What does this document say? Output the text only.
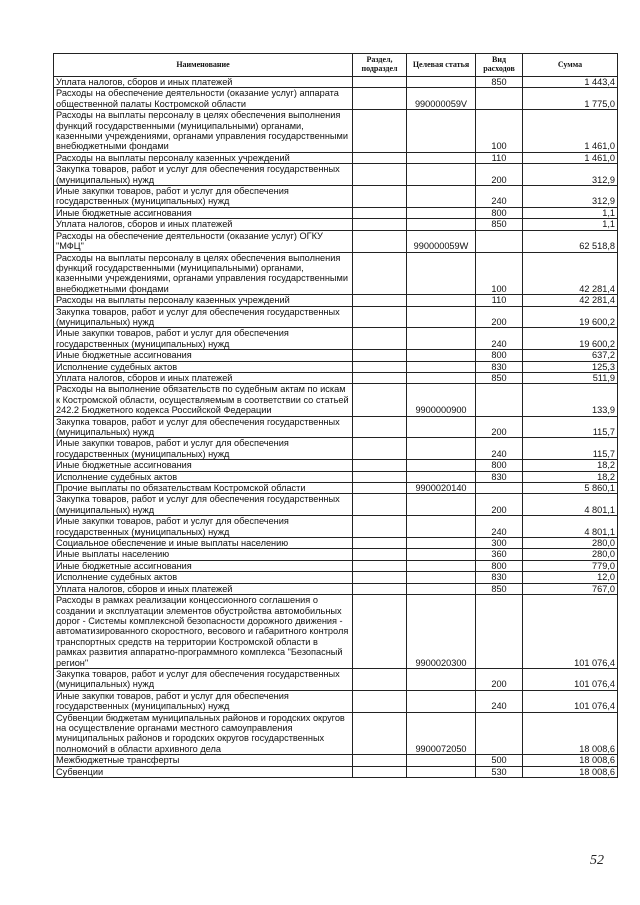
Наименование	Раздел, подраздел	Целевая статья	Вид расходов	Сумма
Уплата налогов, сборов и иных платежей			850	1 443,4
Расходы на обеспечение деятельности (оказание услуг) аппарата общественной палаты Костромской области		990000059V		1 775,0
Расходы на выплаты персоналу в целях обеспечения выполнения функций государственными (муниципальными) органами, казенными учреждениями, органами управления государственными внебюджетными фондами			100	1 461,0
Расходы на выплаты персоналу казенных учреждений			110	1 461,0
Закупка товаров, работ и услуг для обеспечения государственных (муниципальных) нужд			200	312,9
Иные закупки товаров, работ и услуг для обеспечения государственных (муниципальных) нужд			240	312,9
Иные бюджетные ассигнования			800	1,1
Уплата налогов, сборов и иных платежей			850	1,1
Расходы на обеспечение деятельности (оказание услуг) ОГКУ "МФЦ"		990000059W		62 518,8
Расходы на выплаты персоналу в целях обеспечения выполнения функций государственными (муниципальными) органами, казенными учреждениями, органами управления государственными внебюджетными фондами			100	42 281,4
Расходы на выплаты персоналу казенных учреждений			110	42 281,4
Закупка товаров, работ и услуг для обеспечения государственных (муниципальных) нужд			200	19 600,2
Иные закупки товаров, работ и услуг для обеспечения государственных (муниципальных) нужд			240	19 600,2
Иные бюджетные ассигнования			800	637,2
Исполнение судебных актов			830	125,3
Уплата налогов, сборов и иных платежей			850	511,9
Расходы на выполнение обязательств по судебным актам по искам к Костромской области, осуществляемым в соответствии со статьей 242.2 Бюджетного кодекса Российской Федерации		9900000900		133,9
Закупка товаров, работ и услуг для обеспечения государственных (муниципальных) нужд			200	115,7
Иные закупки товаров, работ и услуг для обеспечения государственных (муниципальных) нужд			240	115,7
Иные бюджетные ассигнования			800	18,2
Исполнение судебных актов			830	18,2
Прочие выплаты по обязательствам Костромской области		9900020140		5 860,1
Закупка товаров, работ и услуг для обеспечения государственных (муниципальных) нужд			200	4 801,1
Иные закупки товаров, работ и услуг для обеспечения государственных (муниципальных) нужд			240	4 801,1
Социальное обеспечение и иные выплаты населению			300	280,0
Иные выплаты населению			360	280,0
Иные бюджетные ассигнования			800	779,0
Исполнение судебных актов			830	12,0
Уплата налогов, сборов и иных платежей			850	767,0
Расходы в рамках реализации концессионного соглашения о создании и эксплуатации элементов обустройства автомобильных дорог - Системы комплексной безопасности дорожного движения - автоматизированного скоростного, весового и габаритного контроля транспортных средств на территории Костромской области в рамках развития аппаратно-программного комплекса "Безопасный регион"		9900020300		101 076,4
Закупка товаров, работ и услуг для обеспечения государственных (муниципальных) нужд			200	101 076,4
Иные закупки товаров, работ и услуг для обеспечения государственных (муниципальных) нужд			240	101 076,4
Субвенции бюджетам муниципальных районов и городских округов на осуществление органами местного самоуправления муниципальных районов и городских округов государственных полномочий в области архивного дела		9900072050		18 008,6
Межбюджетные трансферты			500	18 008,6
Субвенции			530	18 008,6
52
